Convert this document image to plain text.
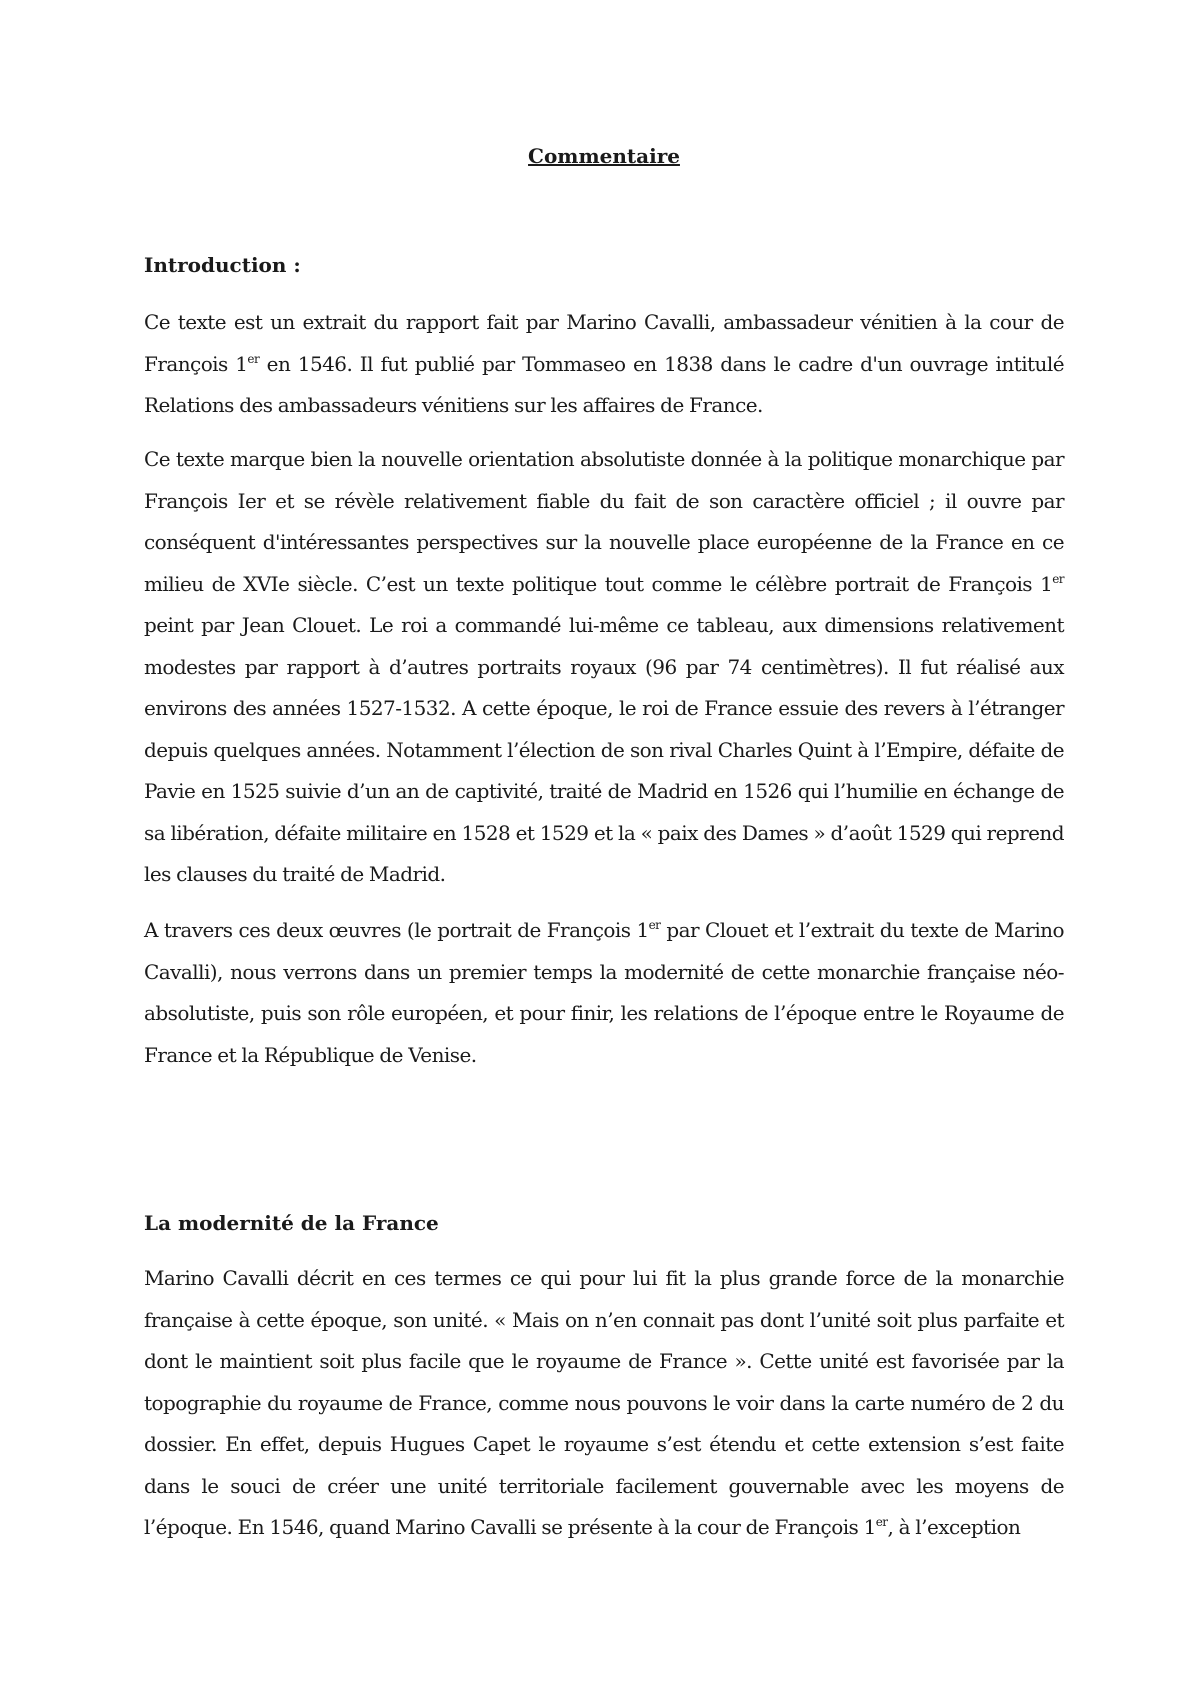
Commentaire
Introduction :

Ce texte est un extrait du rapport fait par Marino Cavalli, ambassadeur vénitien à la cour de François 1er en 1546. Il fut publié par Tommaseo en 1838 dans le cadre d'un ouvrage intitulé Relations des ambassadeurs vénitiens sur les affaires de France.

Ce texte marque bien la nouvelle orientation absolutiste donnée à la politique monarchique par François Ier et se révèle relativement fiable du fait de son caractère officiel ; il ouvre par conséquent d'intéressantes perspectives sur la nouvelle place européenne de la France en ce milieu de XVIe siècle. C’est un texte politique tout comme le célèbre portrait de François 1er peint par Jean Clouet. Le roi a commandé lui-même ce tableau, aux dimensions relativement modestes par rapport à d’autres portraits royaux (96 par 74 centimètres). Il fut réalisé aux environs des années 1527-1532. A cette époque, le roi de France essuie des revers à l’étranger depuis quelques années. Notamment l’élection de son rival Charles Quint à l’Empire, défaite de Pavie en 1525 suivie d’un an de captivité, traité de Madrid en 1526 qui l’humilie en échange de sa libération, défaite militaire en 1528 et 1529 et la « paix des Dames » d’août 1529 qui reprend les clauses du traité de Madrid.

A travers ces deux œuvres (le portrait de François 1er par Clouet et l’extrait du texte de Marino Cavalli), nous verrons dans un premier temps la modernité de cette monarchie française néo-absolutiste, puis son rôle européen, et pour finir, les relations de l’époque entre le Royaume de France et la République de Venise.

La modernité de la France

Marino Cavalli décrit en ces termes ce qui pour lui fit la plus grande force de la monarchie française à cette époque, son unité. « Mais on n’en connait pas dont l’unité soit plus parfaite et dont le maintient soit plus facile que le royaume de France ». Cette unité est favorisée par la topographie du royaume de France, comme nous pouvons le voir dans la carte numéro de 2 du dossier. En effet, depuis Hugues Capet le royaume s’est étendu et cette extension s’est faite dans le souci de créer une unité territoriale facilement gouvernable avec les moyens de l’époque. En 1546, quand Marino Cavalli se présente à la cour de François 1er, à l’exception
